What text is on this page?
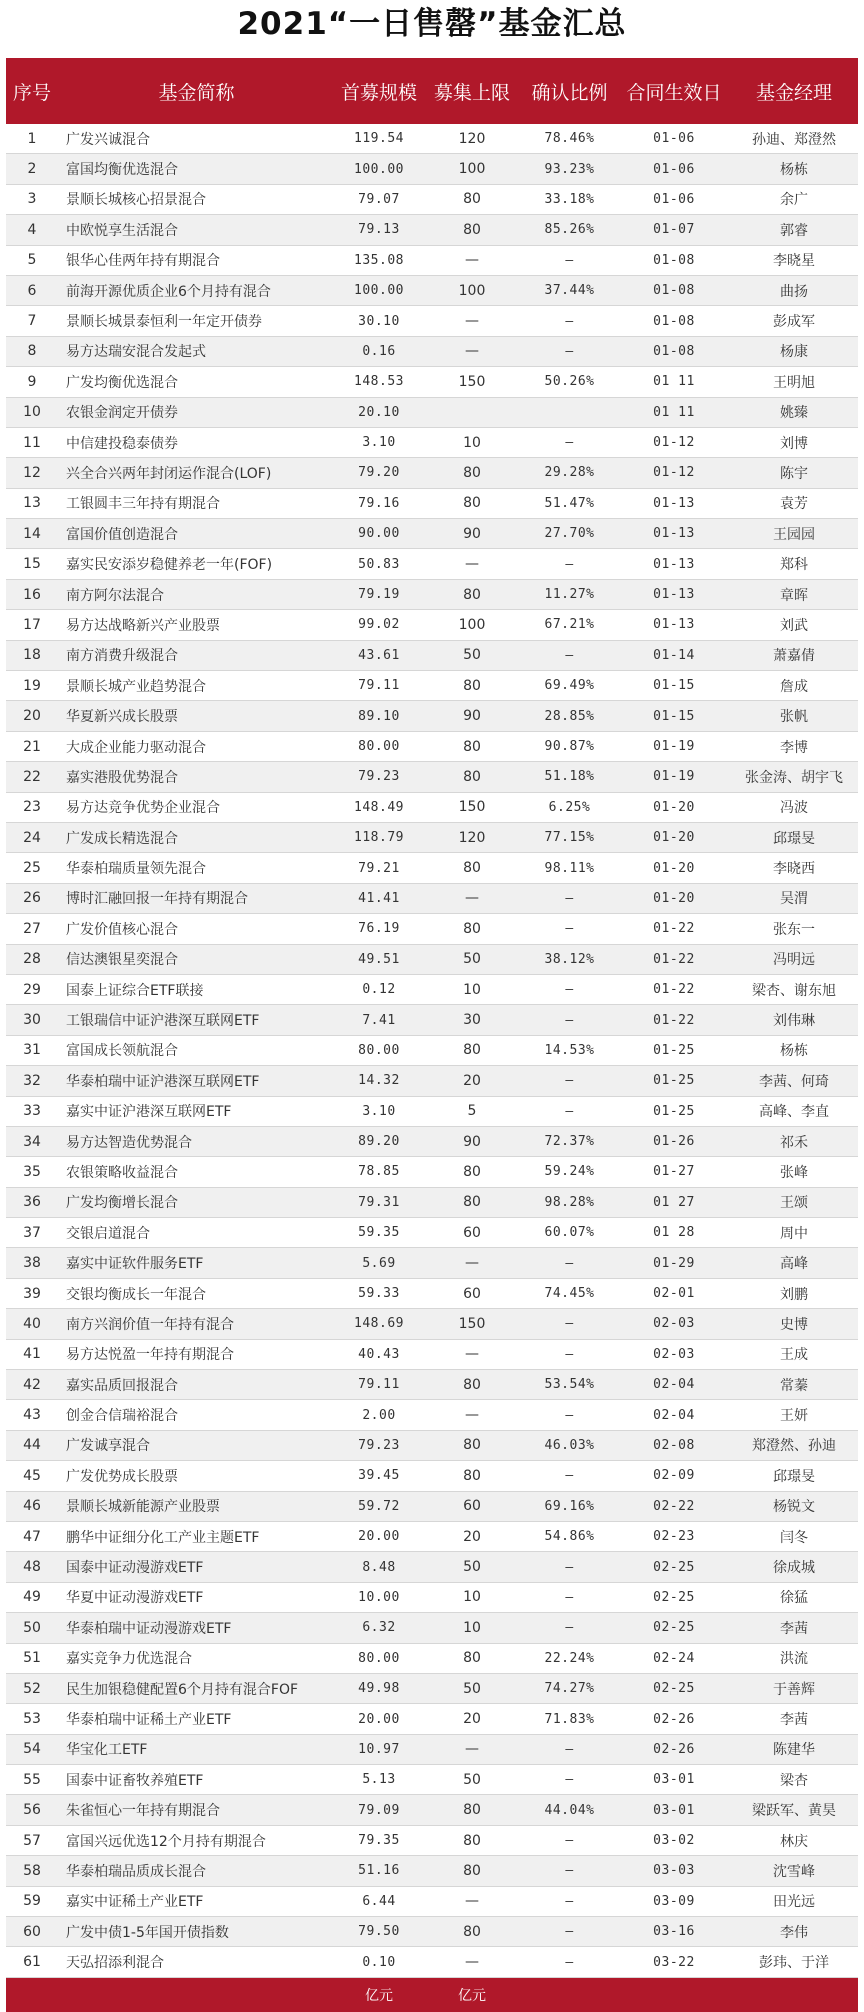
2021“一日售罄”基金汇总
序号	基金简称	首募规模	募集上限	确认比例	合同生效日	基金经理
1	广发兴诚混合	119.54	120	78.46%	01-06	孙迪、郑澄然
2	富国均衡优选混合	100.00	100	93.23%	01-06	杨栋
3	景顺长城核心招景混合	79.07	80	33.18%	01-06	余广
4	中欧悦享生活混合	79.13	80	85.26%	01-07	郭睿
5	银华心佳两年持有期混合	135.08	—	—	01-08	李晓星
6	前海开源优质企业6个月持有混合	100.00	100	37.44%	01-08	曲扬
7	景顺长城景泰恒利一年定开债券	30.10	—	—	01-08	彭成军
8	易方达瑞安混合发起式	0.16	—	—	01-08	杨康
9	广发均衡优选混合	148.53	150	50.26%	01 11	王明旭
10	农银金润定开债券	20.10			01 11	姚臻
11	中信建投稳泰债券	3.10	10	—	01-12	刘博
12	兴全合兴两年封闭运作混合(LOF)	79.20	80	29.28%	01-12	陈宇
13	工银圆丰三年持有期混合	79.16	80	51.47%	01-13	袁芳
14	富国价值创造混合	90.00	90	27.70%	01-13	王园园
15	嘉实民安添岁稳健养老一年(FOF)	50.83	—	—	01-13	郑科
16	南方阿尔法混合	79.19	80	11.27%	01-13	章晖
17	易方达战略新兴产业股票	99.02	100	67.21%	01-13	刘武
18	南方消费升级混合	43.61	50	—	01-14	萧嘉倩
19	景顺长城产业趋势混合	79.11	80	69.49%	01-15	詹成
20	华夏新兴成长股票	89.10	90	28.85%	01-15	张帆
21	大成企业能力驱动混合	80.00	80	90.87%	01-19	李博
22	嘉实港股优势混合	79.23	80	51.18%	01-19	张金涛、胡宇飞
23	易方达竞争优势企业混合	148.49	150	6.25%	01-20	冯波
24	广发成长精选混合	118.79	120	77.15%	01-20	邱璟旻
25	华泰柏瑞质量领先混合	79.21	80	98.11%	01-20	李晓西
26	博时汇融回报一年持有期混合	41.41	—	—	01-20	吴渭
27	广发价值核心混合	76.19	80	—	01-22	张东一
28	信达澳银星奕混合	49.51	50	38.12%	01-22	冯明远
29	国泰上证综合ETF联接	0.12	10	—	01-22	梁杏、谢东旭
30	工银瑞信中证沪港深互联网ETF	7.41	30	—	01-22	刘伟琳
31	富国成长领航混合	80.00	80	14.53%	01-25	杨栋
32	华泰柏瑞中证沪港深互联网ETF	14.32	20	—	01-25	李茜、何琦
33	嘉实中证沪港深互联网ETF	3.10	5	—	01-25	高峰、李直
34	易方达智造优势混合	89.20	90	72.37%	01-26	祁禾
35	农银策略收益混合	78.85	80	59.24%	01-27	张峰
36	广发均衡增长混合	79.31	80	98.28%	01 27	王颂
37	交银启道混合	59.35	60	60.07%	01 28	周中
38	嘉实中证软件服务ETF	5.69	—	—	01-29	高峰
39	交银均衡成长一年混合	59.33	60	74.45%	02-01	刘鹏
40	南方兴润价值一年持有混合	148.69	150	—	02-03	史博
41	易方达悦盈一年持有期混合	40.43	—	—	02-03	王成
42	嘉实品质回报混合	79.11	80	53.54%	02-04	常蓁
43	创金合信瑞裕混合	2.00	—	—	02-04	王妍
44	广发诚享混合	79.23	80	46.03%	02-08	郑澄然、孙迪
45	广发优势成长股票	39.45	80	—	02-09	邱璟旻
46	景顺长城新能源产业股票	59.72	60	69.16%	02-22	杨锐文
47	鹏华中证细分化工产业主题ETF	20.00	20	54.86%	02-23	闫冬
48	国泰中证动漫游戏ETF	8.48	50	—	02-25	徐成城
49	华夏中证动漫游戏ETF	10.00	10	—	02-25	徐猛
50	华泰柏瑞中证动漫游戏ETF	6.32	10	—	02-25	李茜
51	嘉实竞争力优选混合	80.00	80	22.24%	02-24	洪流
52	民生加银稳健配置6个月持有混合FOF	49.98	50	74.27%	02-25	于善辉
53	华泰柏瑞中证稀土产业ETF	20.00	20	71.83%	02-26	李茜
54	华宝化工ETF	10.97	—	—	02-26	陈建华
55	国泰中证畜牧养殖ETF	5.13	50	—	03-01	梁杏
56	朱雀恒心一年持有期混合	79.09	80	44.04%	03-01	梁跃军、黄昊
57	富国兴远优选12个月持有期混合	79.35	80	—	03-02	林庆
58	华泰柏瑞品质成长混合	51.16	80	—	03-03	沈雪峰
59	嘉实中证稀土产业ETF	6.44	—	—	03-09	田光远
60	广发中债1-5年国开债指数	79.50	80	—	03-16	李伟
61	天弘招添利混合	0.10	—	—	03-22	彭玮、于洋
		亿元	亿元			
